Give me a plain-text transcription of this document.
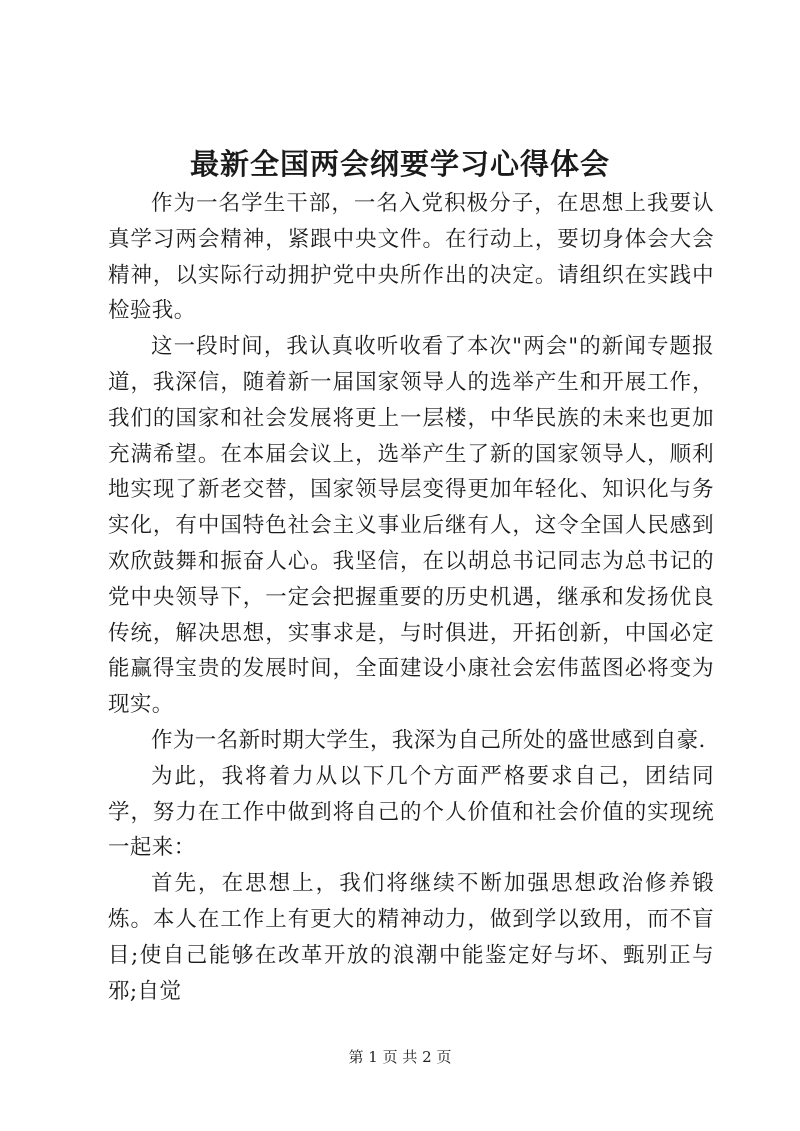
最新全国两会纲要学习心得体会

作为一名学生干部，一名入党积极分子，在思想上我要认真学习两会精神，紧跟中央文件。在行动上，要切身体会大会精神，以实际行动拥护党中央所作出的决定。请组织在实践中检验我。

这一段时间，我认真收听收看了本次"两会"的新闻专题报道，我深信，随着新一届国家领导人的选举产生和开展工作，我们的国家和社会发展将更上一层楼，中华民族的未来也更加充满希望。在本届会议上，选举产生了新的国家领导人，顺利地实现了新老交替，国家领导层变得更加年轻化、知识化与务实化，有中国特色社会主义事业后继有人，这令全国人民感到欢欣鼓舞和振奋人心。我坚信，在以胡总书记同志为总书记的党中央领导下，一定会把握重要的历史机遇，继承和发扬优良传统，解决思想，实事求是，与时俱进，开拓创新，中国必定能赢得宝贵的发展时间，全面建设小康社会宏伟蓝图必将变为现实。

作为一名新时期大学生，我深为自己所处的盛世感到自豪.

为此，我将着力从以下几个方面严格要求自己，团结同学，努力在工作中做到将自己的个人价值和社会价值的实现统一起来：

首先，在思想上，我们将继续不断加强思想政治修养锻炼。本人在工作上有更大的精神动力，做到学以致用，而不盲目;使自己能够在改革开放的浪潮中能鉴定好与坏、甄别正与邪;自觉

第 1 页 共 2 页
